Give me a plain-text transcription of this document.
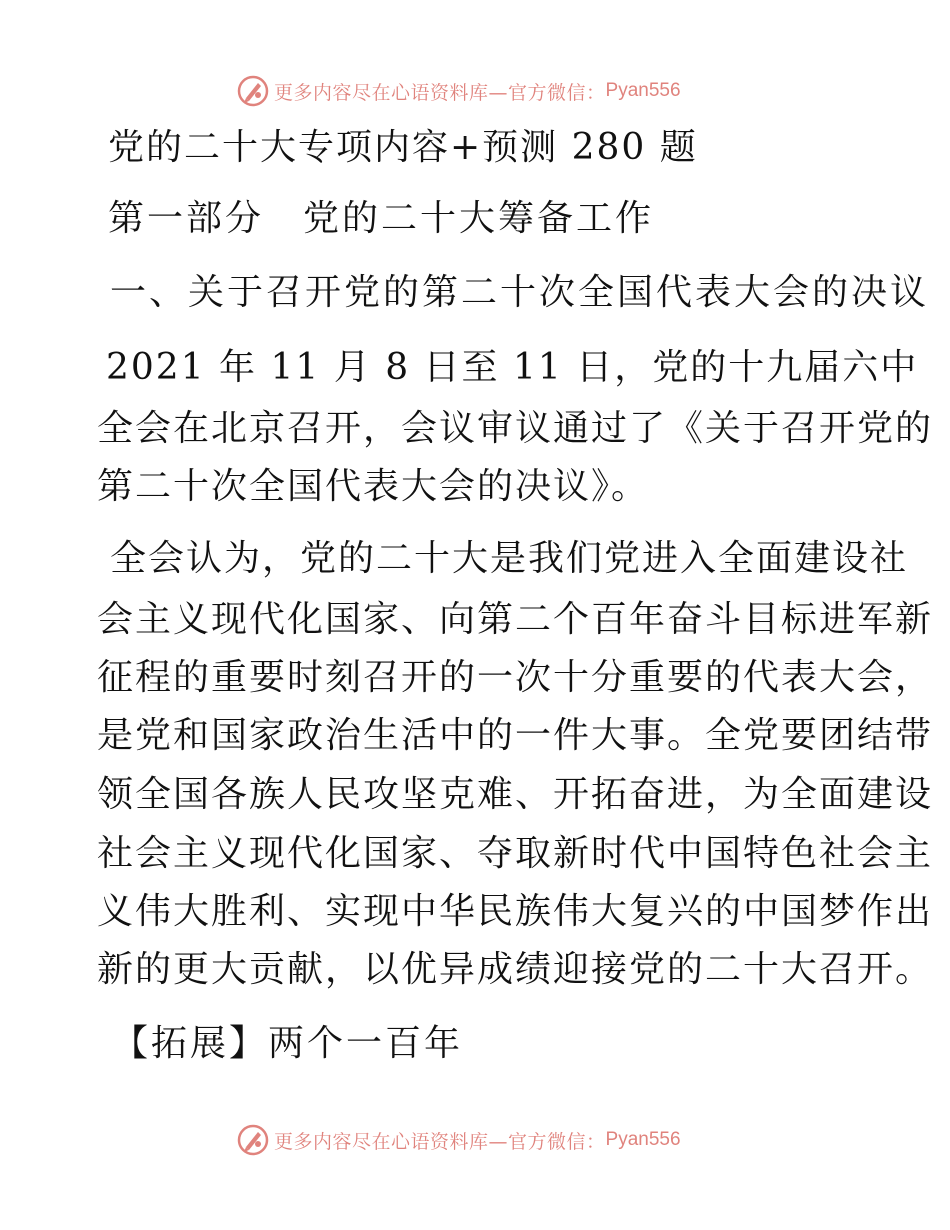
更多内容尽在心语资料库—官方微信： Pyan556
党的二十大专项内容+预测 280 题
第一部分　党的二十大筹备工作
一、关于召开党的第二十次全国代表大会的决议
2021 年 11 月 8 日至 11 日，党的十九届六中
全会在北京召开，会议审议通过了《关于召开党的
第二十次全国代表大会的决议》。
全会认为，党的二十大是我们党进入全面建设社
会主义现代化国家、向第二个百年奋斗目标进军新
征程的重要时刻召开的一次十分重要的代表大会，
是党和国家政治生活中的一件大事。全党要团结带
领全国各族人民攻坚克难、开拓奋进，为全面建设
社会主义现代化国家、夺取新时代中国特色社会主
义伟大胜利、实现中华民族伟大复兴的中国梦作出
新的更大贡献，以优异成绩迎接党的二十大召开。
【拓展】两个一百年
更多内容尽在心语资料库—官方微信： Pyan556
